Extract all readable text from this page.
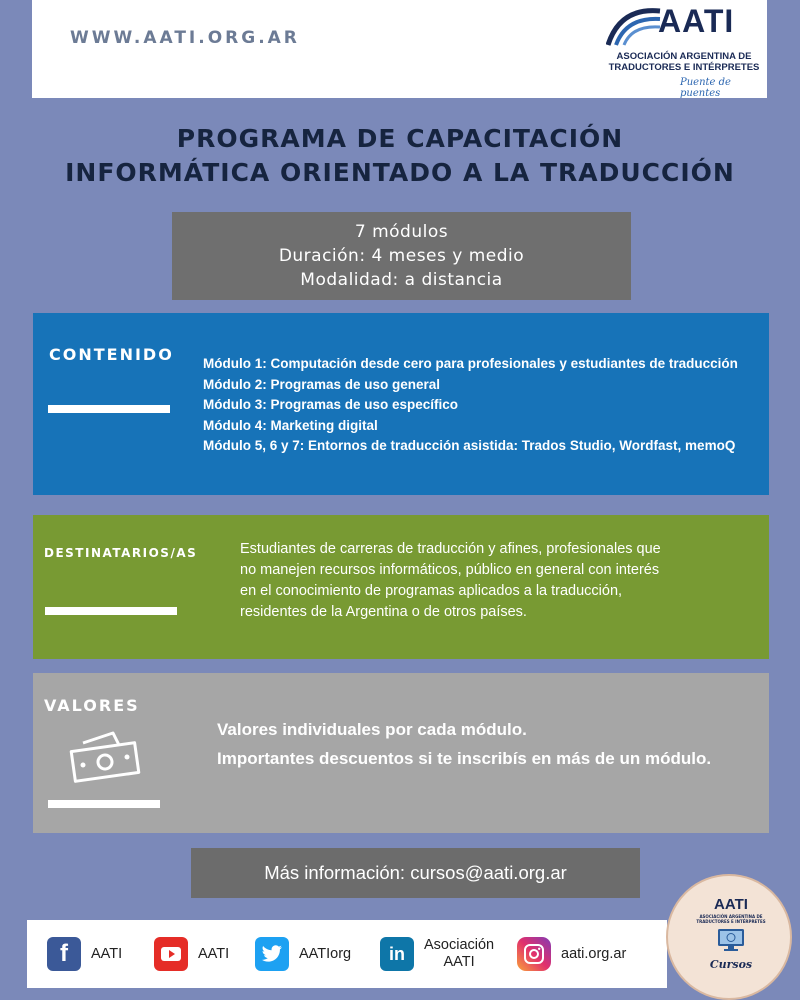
WWW.AATI.ORG.AR	AATI
ASOCIACIÓN ARGENTINA DE
TRADUCTORES E INTÉRPRETES
Puente de puentes
PROGRAMA DE CAPACITACIÓN
INFORMÁTICA ORIENTADO A LA TRADUCCIÓN
7 módulos
Duración: 4 meses y medio
Modalidad: a distancia
CONTENIDO Módulo 1: Computación desde cero para profesionales y estudiantes de traducción
Módulo 2: Programas de uso general
Módulo 3: Programas de uso específico
Módulo 4: Marketing digital
Módulo 5, 6 y 7: Entornos de traducción asistida: Trados Studio, Wordfast, memoQ
DESTINATARIOS/AS	Estudiantes de carreras de traducción y afines, profesionales que
no manejen recursos informáticos, público en general con interés
en el conocimiento de programas aplicados a la traducción,
residentes de la Argentina o de otros países.
VALORES
Valores individuales por cada módulo.
Importantes descuentos si te inscribís en más de un módulo.
Más información: cursos@aati.org.ar
f	AATI	AATI	AATIorg	in	Asociación
AATI
aati.org.ar
AATI
ASOCIACIÓN ARGENTINA DE TRADUCTORES E INTÉRPRETES
Cursos
